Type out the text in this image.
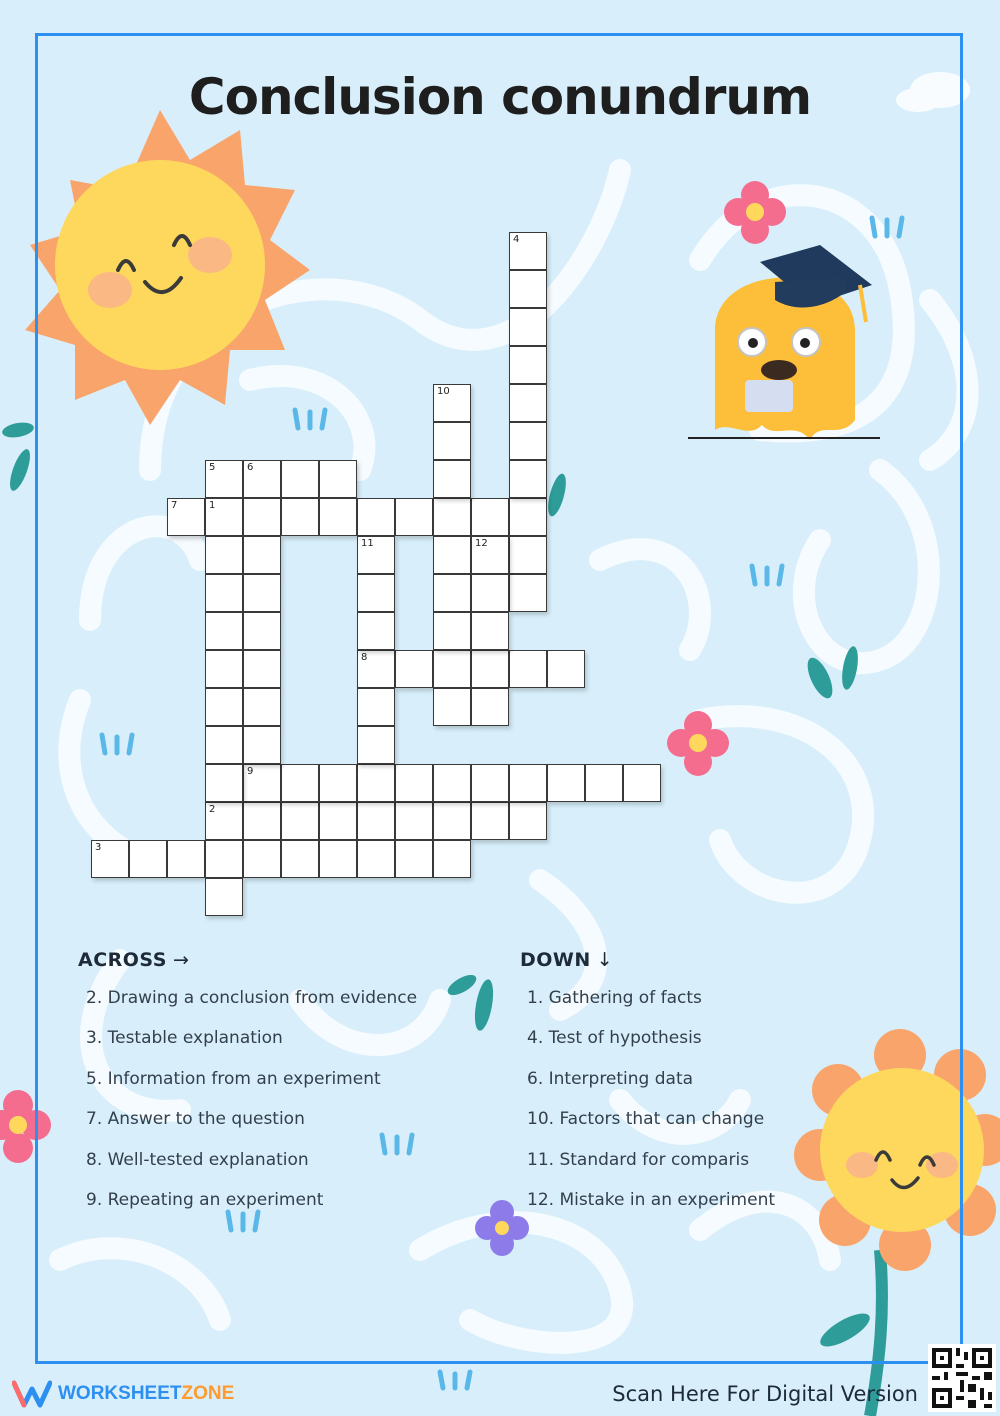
Conclusion conundrum
2
3
5	6
7	1
8
9
4
10
11	12
ACROSS →
2. Drawing a conclusion from evidence
3. Testable explanation
5. Information from an experiment
7. Answer to the question
8. Well-tested explanation
9. Repeating an experiment
DOWN ↓
1. Gathering of facts
4. Test of hypothesis
6. Interpreting data
10. Factors that can change
11. Standard for comparis
12. Mistake in an experiment
WORKSHEET ZONE	Scan Here For Digital Version
